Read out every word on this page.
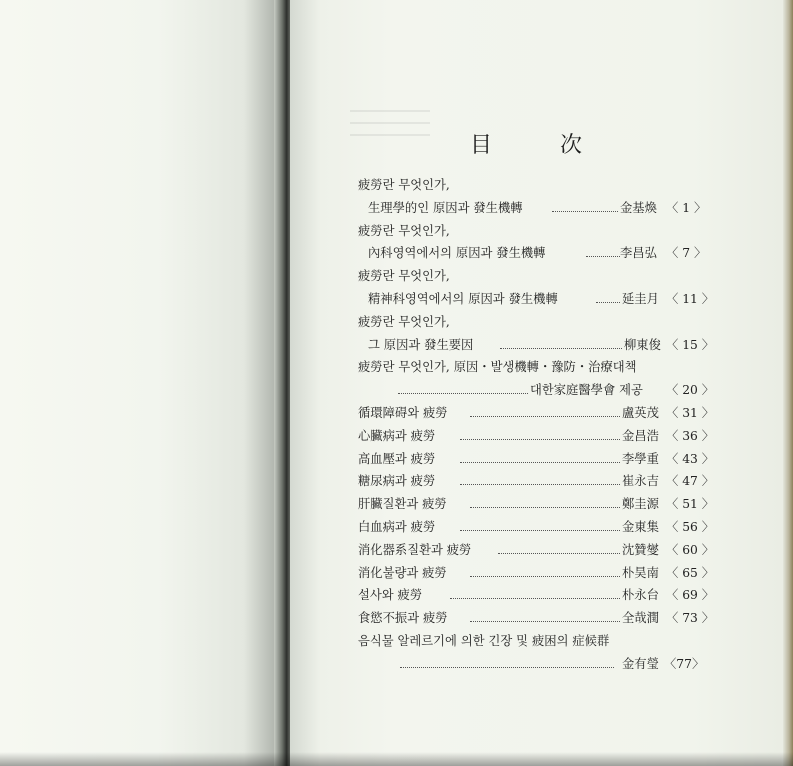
目	次
疲勞란 무엇인가,
生理學的인 原因과 發生機轉	金基煥 〈 1 〉
疲勞란 무엇인가,
內科영역에서의 原因과 發生機轉	李昌弘 〈 7 〉
疲勞란 무엇인가,
精神科영역에서의 原因과 發生機轉	延圭月 〈 11 〉
疲勞란 무엇인가,
그 原因과 發生要因	柳東俊 〈 15 〉
疲勞란 무엇인가, 原因・발생機轉・豫防・治療대책
대한家庭醫學會 제공 〈 20 〉
循環障碍와 疲勞	盧英茂 〈 31 〉
心臟病과 疲勞	金昌浩 〈 36 〉
高血壓과 疲勞	李學重 〈 43 〉
糖尿病과 疲勞	崔永吉 〈 47 〉
肝臟질환과 疲勞	鄭圭源 〈 51 〉
白血病과 疲勞	金東集 〈 56 〉
消化器系질환과 疲勞	沈贊燮 〈 60 〉
消化불량과 疲勞	朴昊南 〈 65 〉
설사와 疲勞	朴永台 〈 69 〉
食慾不振과 疲勞	全哉潤 〈 73 〉
음식물 알레르기에 의한 긴장 및 疲困의 症候群
金有瑩 〈77〉
